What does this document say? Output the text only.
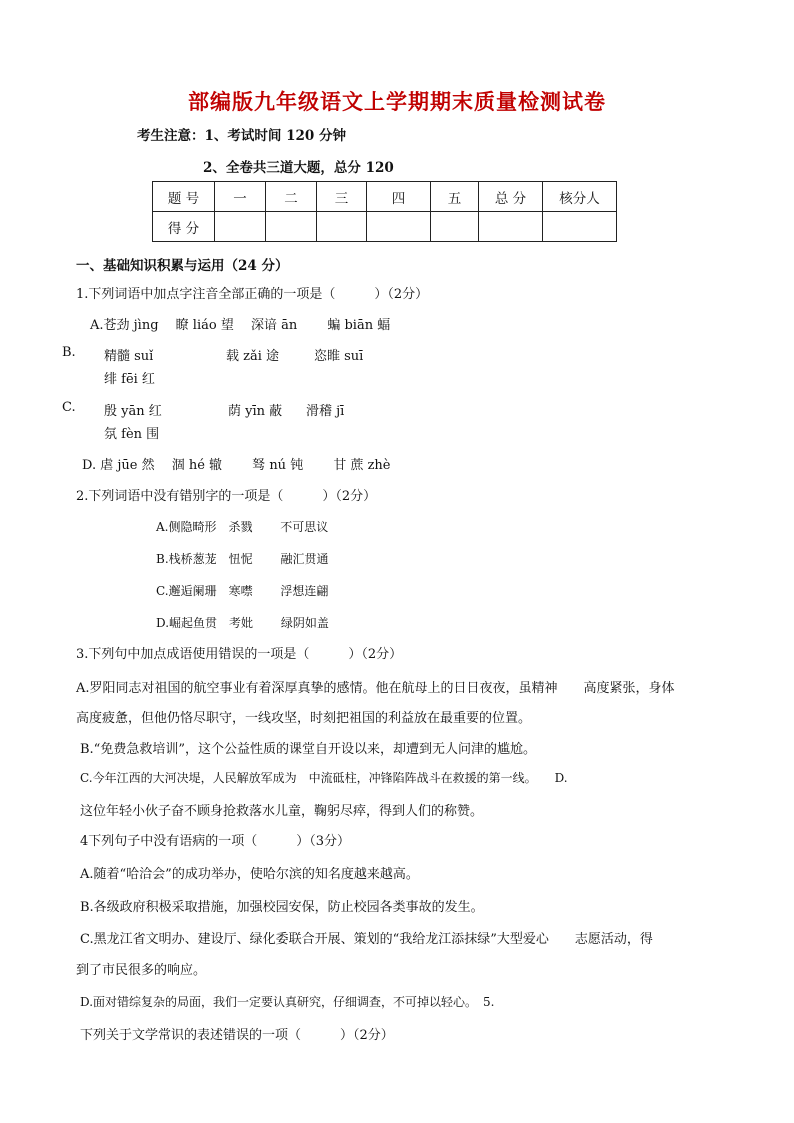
部编版九年级语文上学期期末质量检测试卷
考生注意：1、考试时间 120 分钟
2、全卷共三道大题，总分 120
题 号	一	二	三	四	五	总 分	核分人
得 分							
一、基础知识积累与运用（24 分）
1.下列词语中加点字注音全部正确的一项是（　　　）（2分）
A.苍劲 jìng　 瞭 liáo 望　 深谙 ān　　 蝙 biān 蝠
B. 精髓 suǐ	载 zǎi 途	恣睢 suī
绯 fēi 红
C. 殷 yān 红	荫 yīn 蔽 滑稽 jī
氛 fèn 围
D. 虐 jūe 然　 涸 hé 辙　　 驽 nú 钝　　 甘 蔗 zhè
2.下列词语中没有错别字的一项是（　　　）（2分）
A.侧隐畸形　杀戮　　 不可思议
B.栈桥葱茏　忸怩　　 融汇贯通
C.邂逅阑珊　寒噤　　 浮想连翩
D.崛起鱼贯　考妣　　 绿阴如盖
3.下列句中加点成语使用错误的一项是（　　　）（2分）
A.罗阳同志对祖国的航空事业有着深厚真挚的感情。他在航母上的日日夜夜，虽精神　　高度紧张，身体
高度疲惫，但他仍恪尽职守，一线攻坚，时刻把祖国的利益放在最重要的位置。
B.“免费急救培训”，这个公益性质的课堂自开设以来，却遭到无人问津的尴尬。
C.今年江西的大河决堤，人民解放军成为　中流砥柱，冲锋陷阵战斗在救援的第一线。　　D.
这位年轻小伙子奋不顾身抢救落水儿童，鞠躬尽瘁，得到人们的称赞。
4下列句子中没有语病的一项（　　　）（3分）
A.随着“哈洽会”的成功举办，使哈尔滨的知名度越来越高。
B.各级政府积极采取措施，加强校园安保，防止校园各类事故的发生。
C.黑龙江省文明办、建设厅、绿化委联合开展、策划的“我给龙江添抹绿”大型爱心　　志愿活动，得
到了市民很多的响应。
D.面对错综复杂的局面，我们一定要认真研究，仔细调查，不可掉以轻心。　5.
下列关于文学常识的表述错误的一项（　　　）（2分）
